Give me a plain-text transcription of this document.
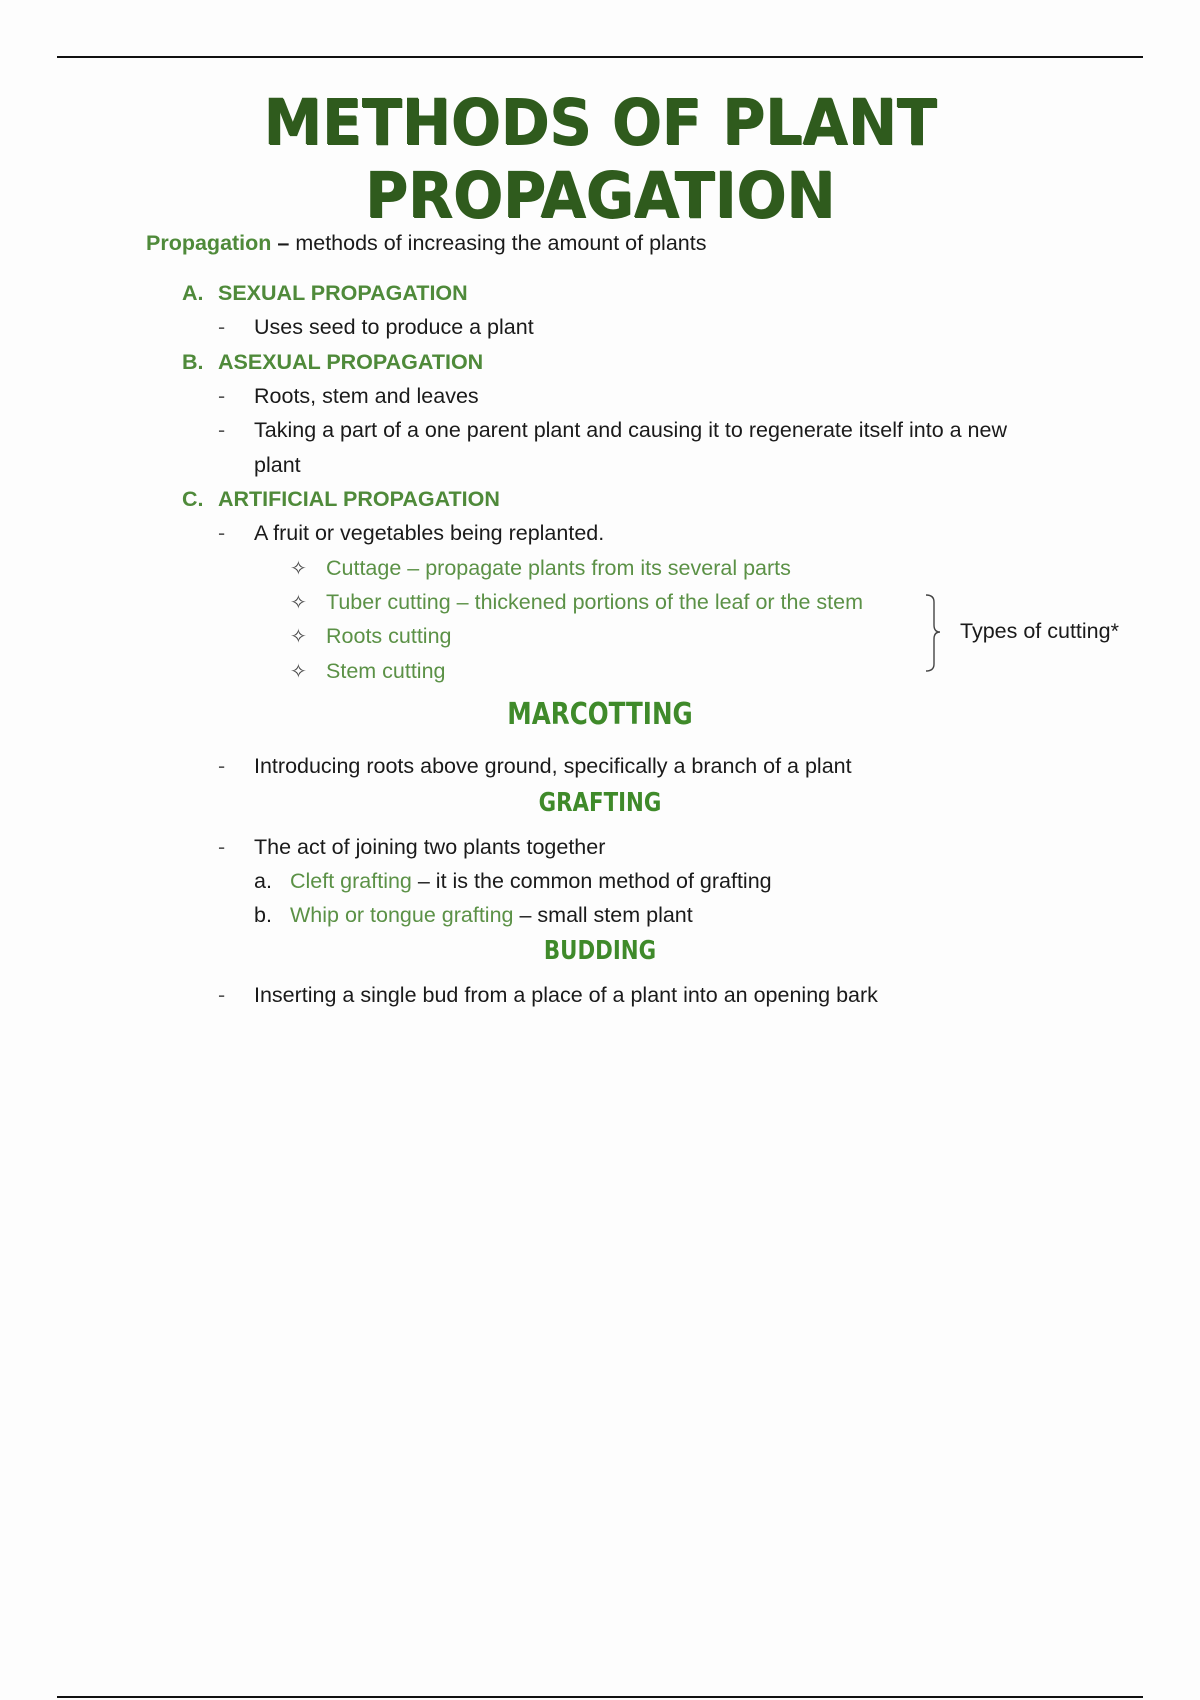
METHODS OF PLANT PROPAGATION
Propagation – methods of increasing the amount of plants
A. SEXUAL PROPAGATION
- Uses seed to produce a plant
B. ASEXUAL PROPAGATION
- Roots, stem and leaves
- Taking a part of a one parent plant and causing it to regenerate itself into a new
plant
C. ARTIFICIAL PROPAGATION
- A fruit or vegetables being replanted.
✧ Cuttage – propagate plants from its several parts
✧ Tuber cutting – thickened portions of the leaf or the stem
✧ Roots cutting
✧ Stem cutting
Types of cutting*
MARCOTTING
- Introducing roots above ground, specifically a branch of a plant
GRAFTING
- The act of joining two plants together
a. Cleft grafting – it is the common method of grafting
b. Whip or tongue grafting – small stem plant
BUDDING
- Inserting a single bud from a place of a plant into an opening bark
